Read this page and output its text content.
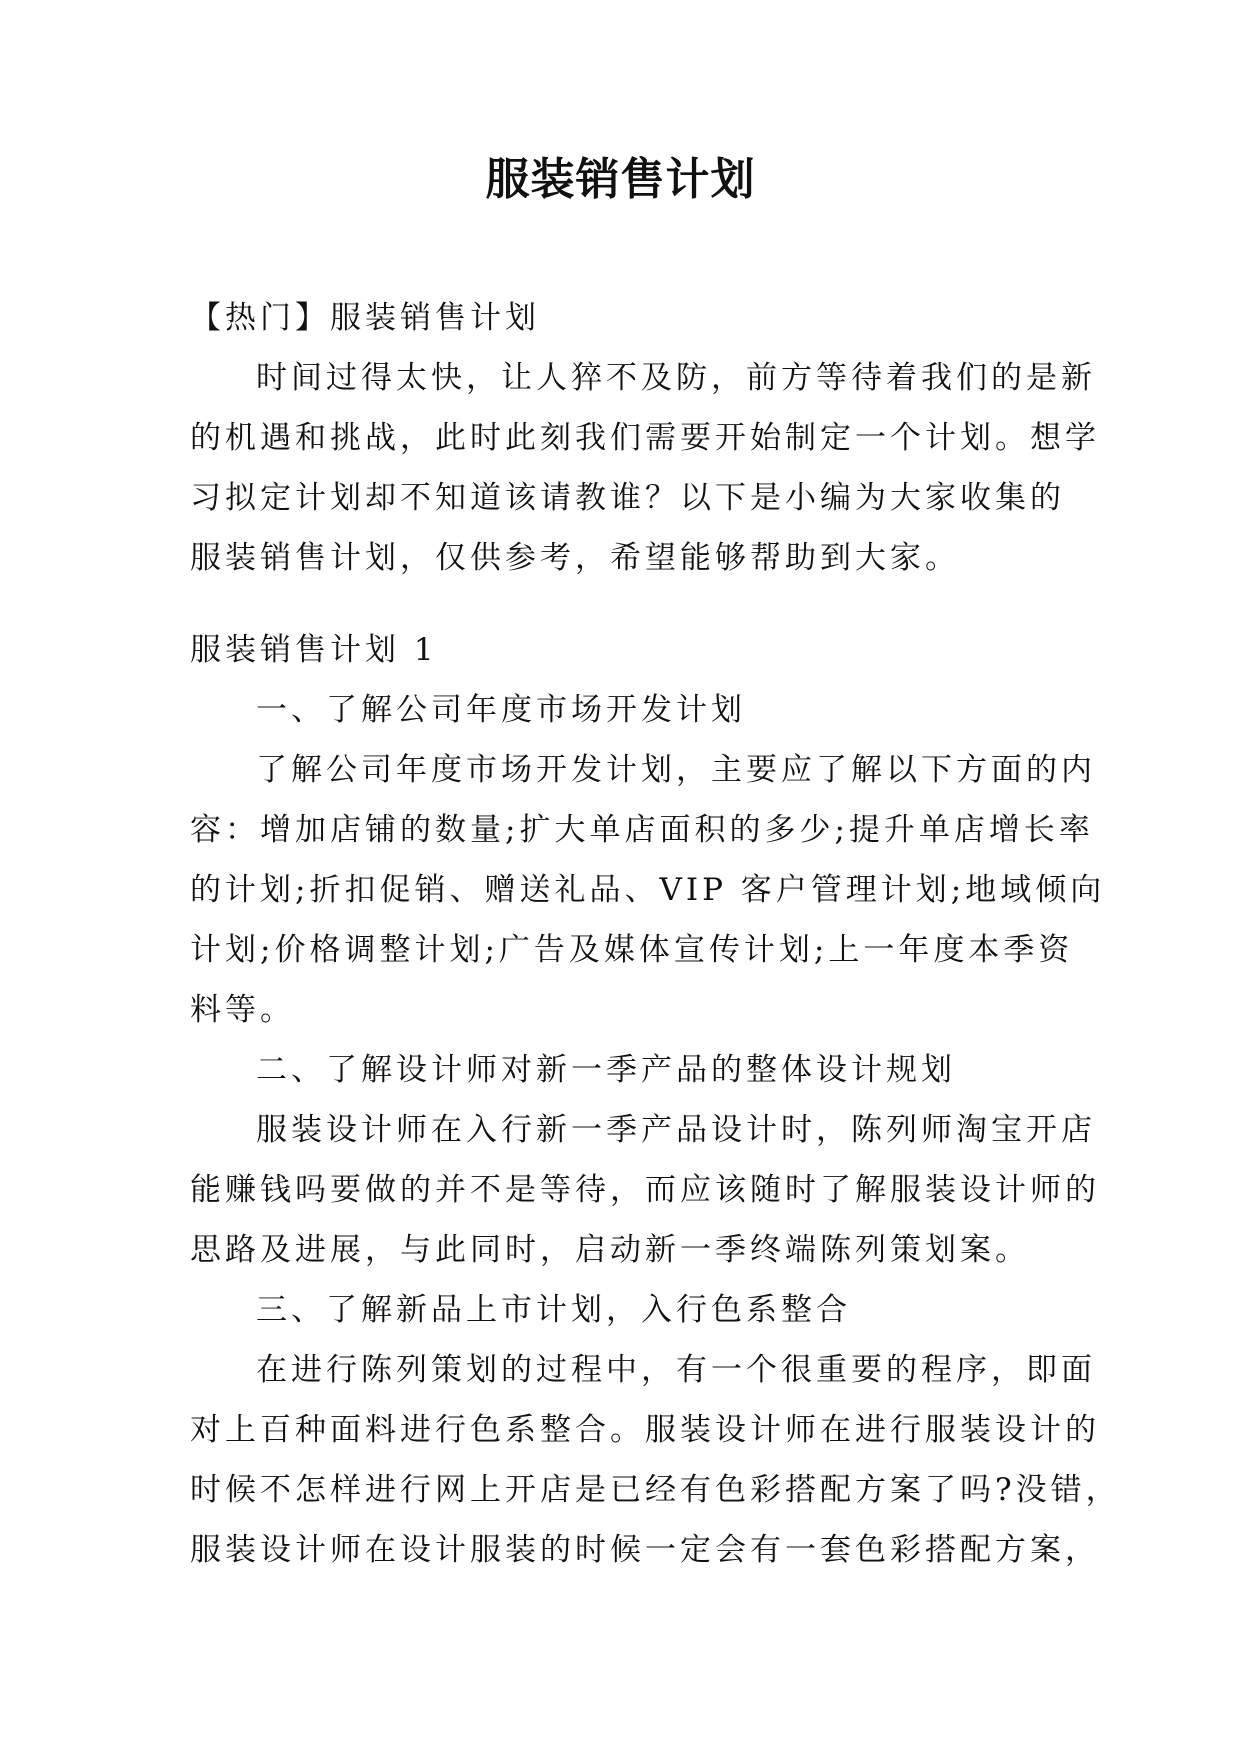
服装销售计划
【热门】服装销售计划
时间过得太快，让人猝不及防，前方等待着我们的是新
的机遇和挑战，此时此刻我们需要开始制定一个计划。想学
习拟定计划却不知道该请教谁？以下是小编为大家收集的
服装销售计划，仅供参考，希望能够帮助到大家。
服装销售计划 1
一、了解公司年度市场开发计划
了解公司年度市场开发计划，主要应了解以下方面的内
容：增加店铺的数量;扩大单店面积的多少;提升单店增长率
的计划;折扣促销、赠送礼品、VIP 客户管理计划;地域倾向
计划;价格调整计划;广告及媒体宣传计划;上一年度本季资
料等。
二、了解设计师对新一季产品的整体设计规划
服装设计师在入行新一季产品设计时，陈列师淘宝开店
能赚钱吗要做的并不是等待，而应该随时了解服装设计师的
思路及进展，与此同时，启动新一季终端陈列策划案。
三、了解新品上市计划，入行色系整合
在进行陈列策划的过程中，有一个很重要的程序，即面
对上百种面料进行色系整合。服装设计师在进行服装设计的
时候不怎样进行网上开店是已经有色彩搭配方案了吗?没错，
服装设计师在设计服装的时候一定会有一套色彩搭配方案，
